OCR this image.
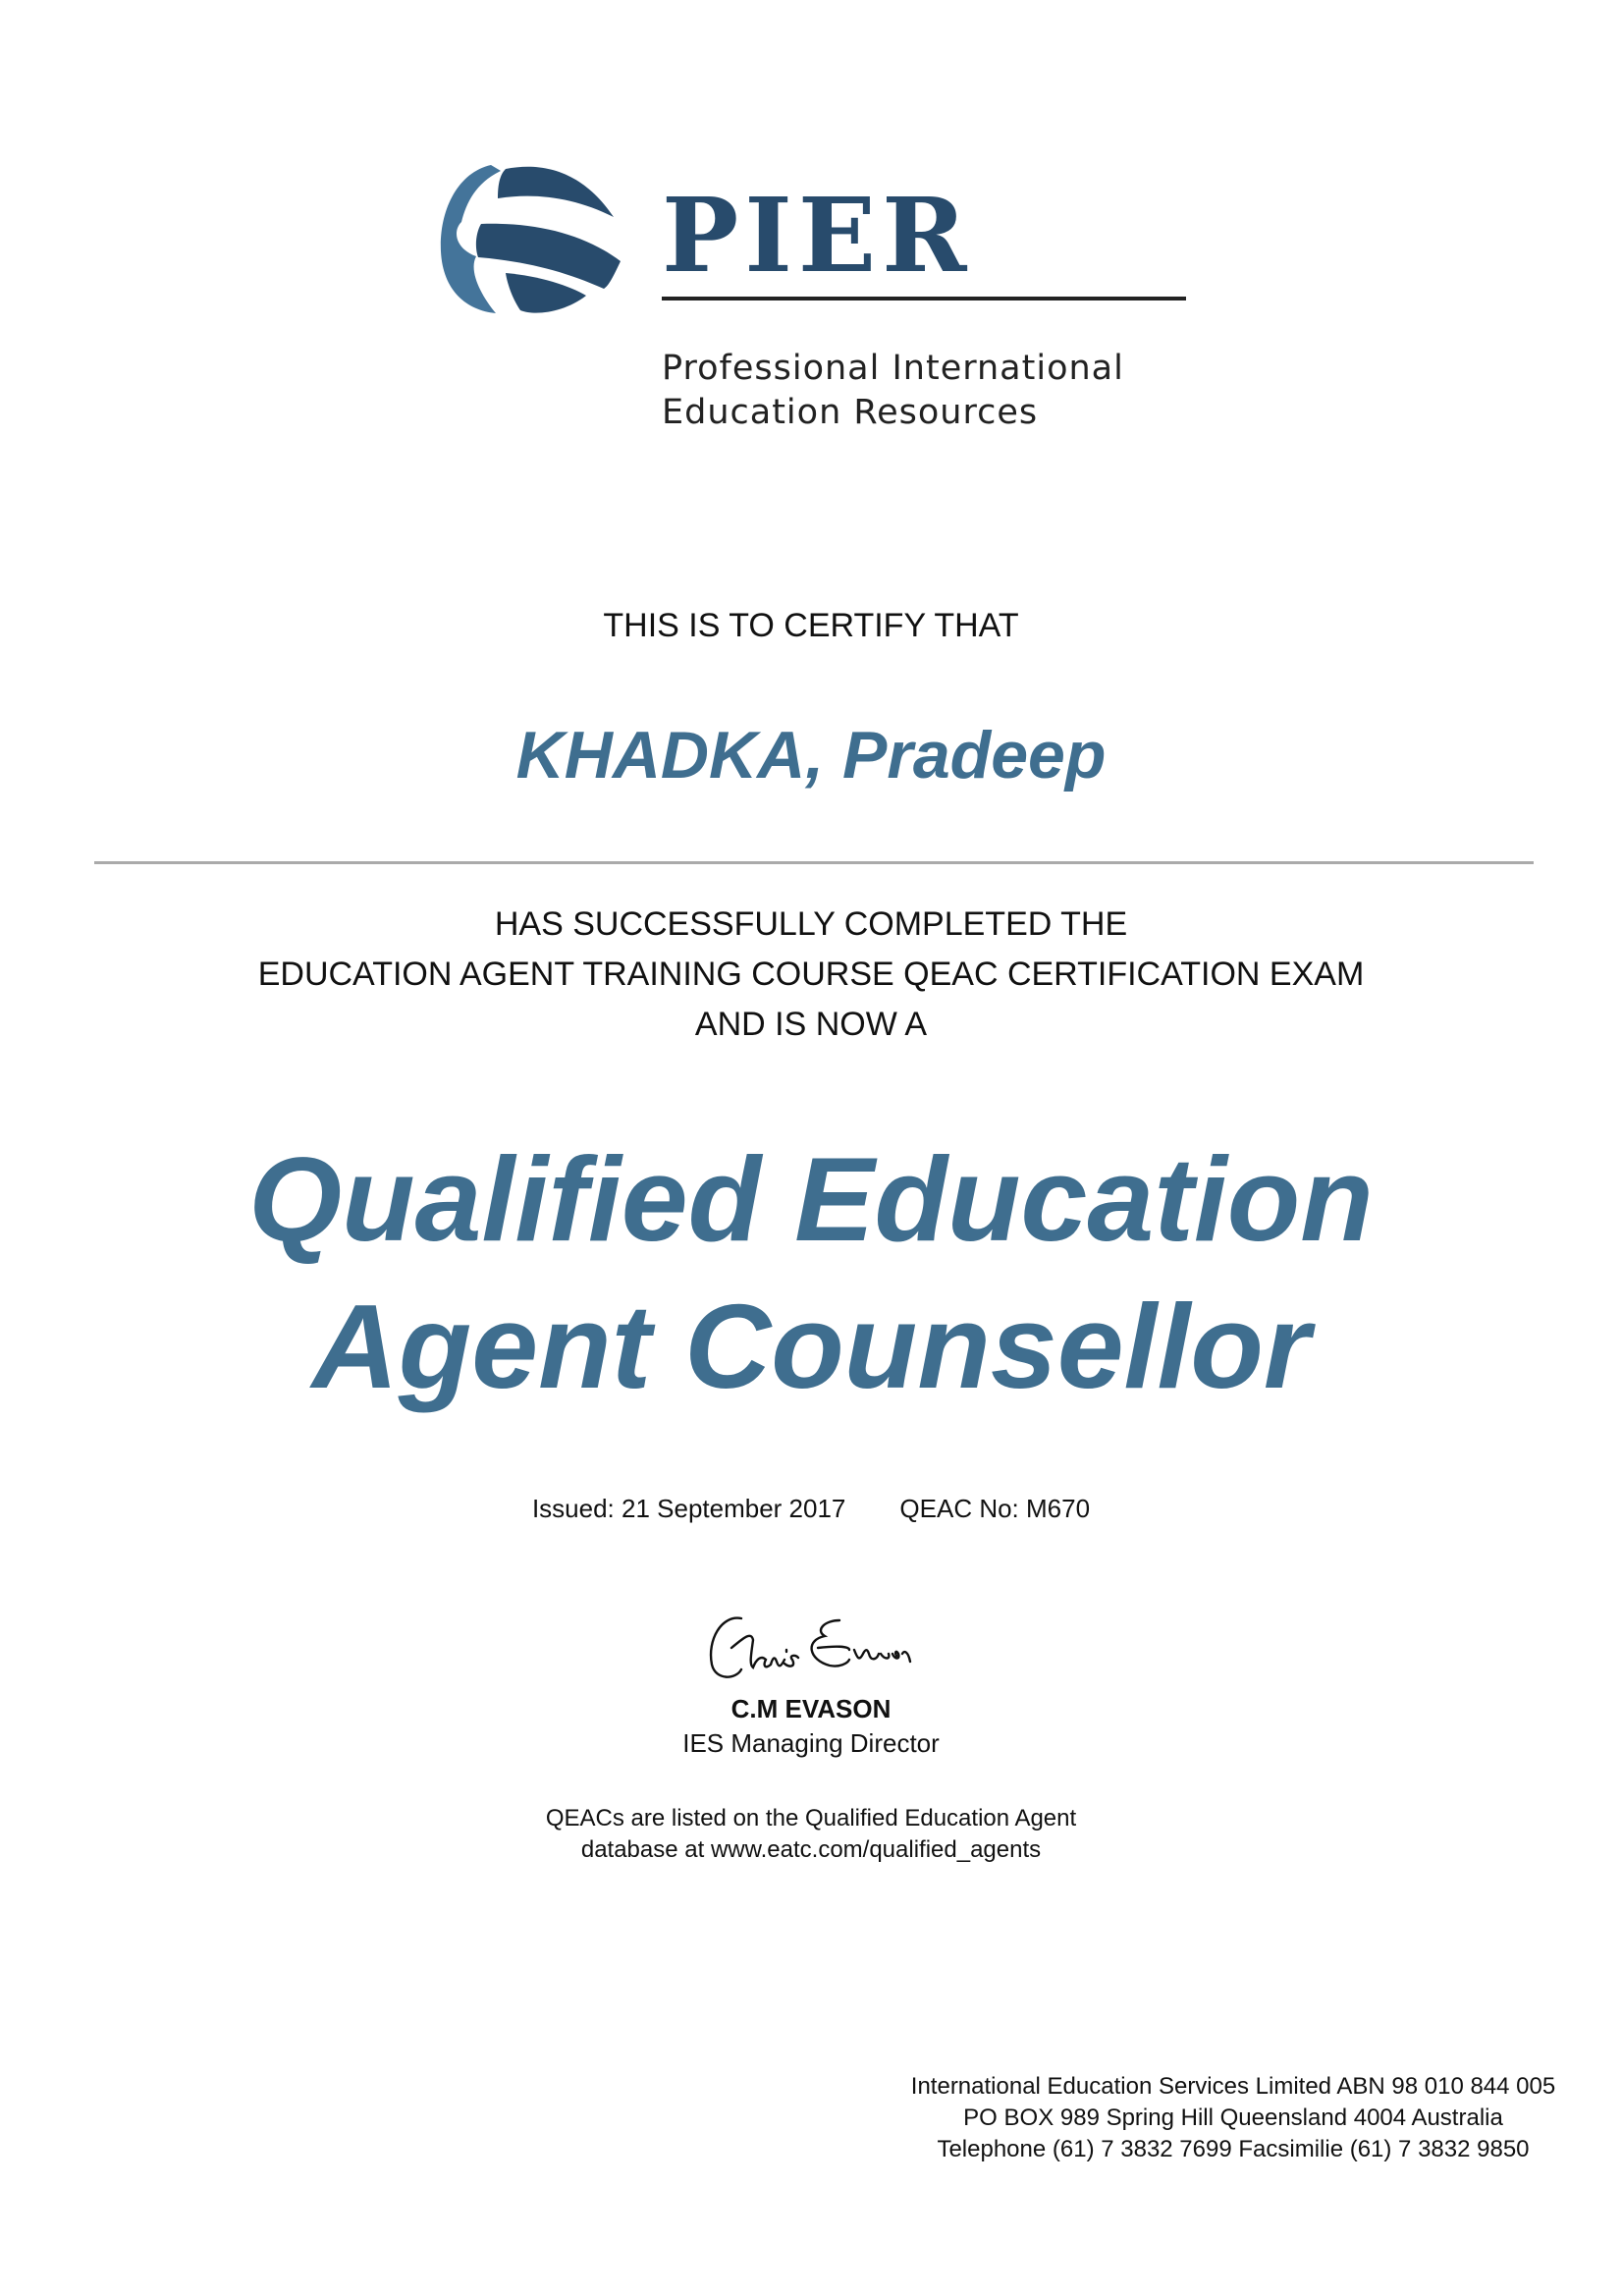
PIER
Professional International
Education Resources
THIS IS TO CERTIFY THAT
KHADKA, Pradeep
HAS SUCCESSFULLY COMPLETED THE
EDUCATION AGENT TRAINING COURSE QEAC CERTIFICATION EXAM
AND IS NOW A
Qualified Education
Agent Counsellor
Issued: 21 September 2017 QEAC No: M670
C.M EVASON
IES Managing Director
QEACs are listed on the Qualified Education Agent
database at www.eatc.com/qualified_agents
International Education Services Limited ABN 98 010 844 005
PO BOX 989 Spring Hill Queensland 4004 Australia
Telephone (61) 7 3832 7699 Facsimilie (61) 7 3832 9850
